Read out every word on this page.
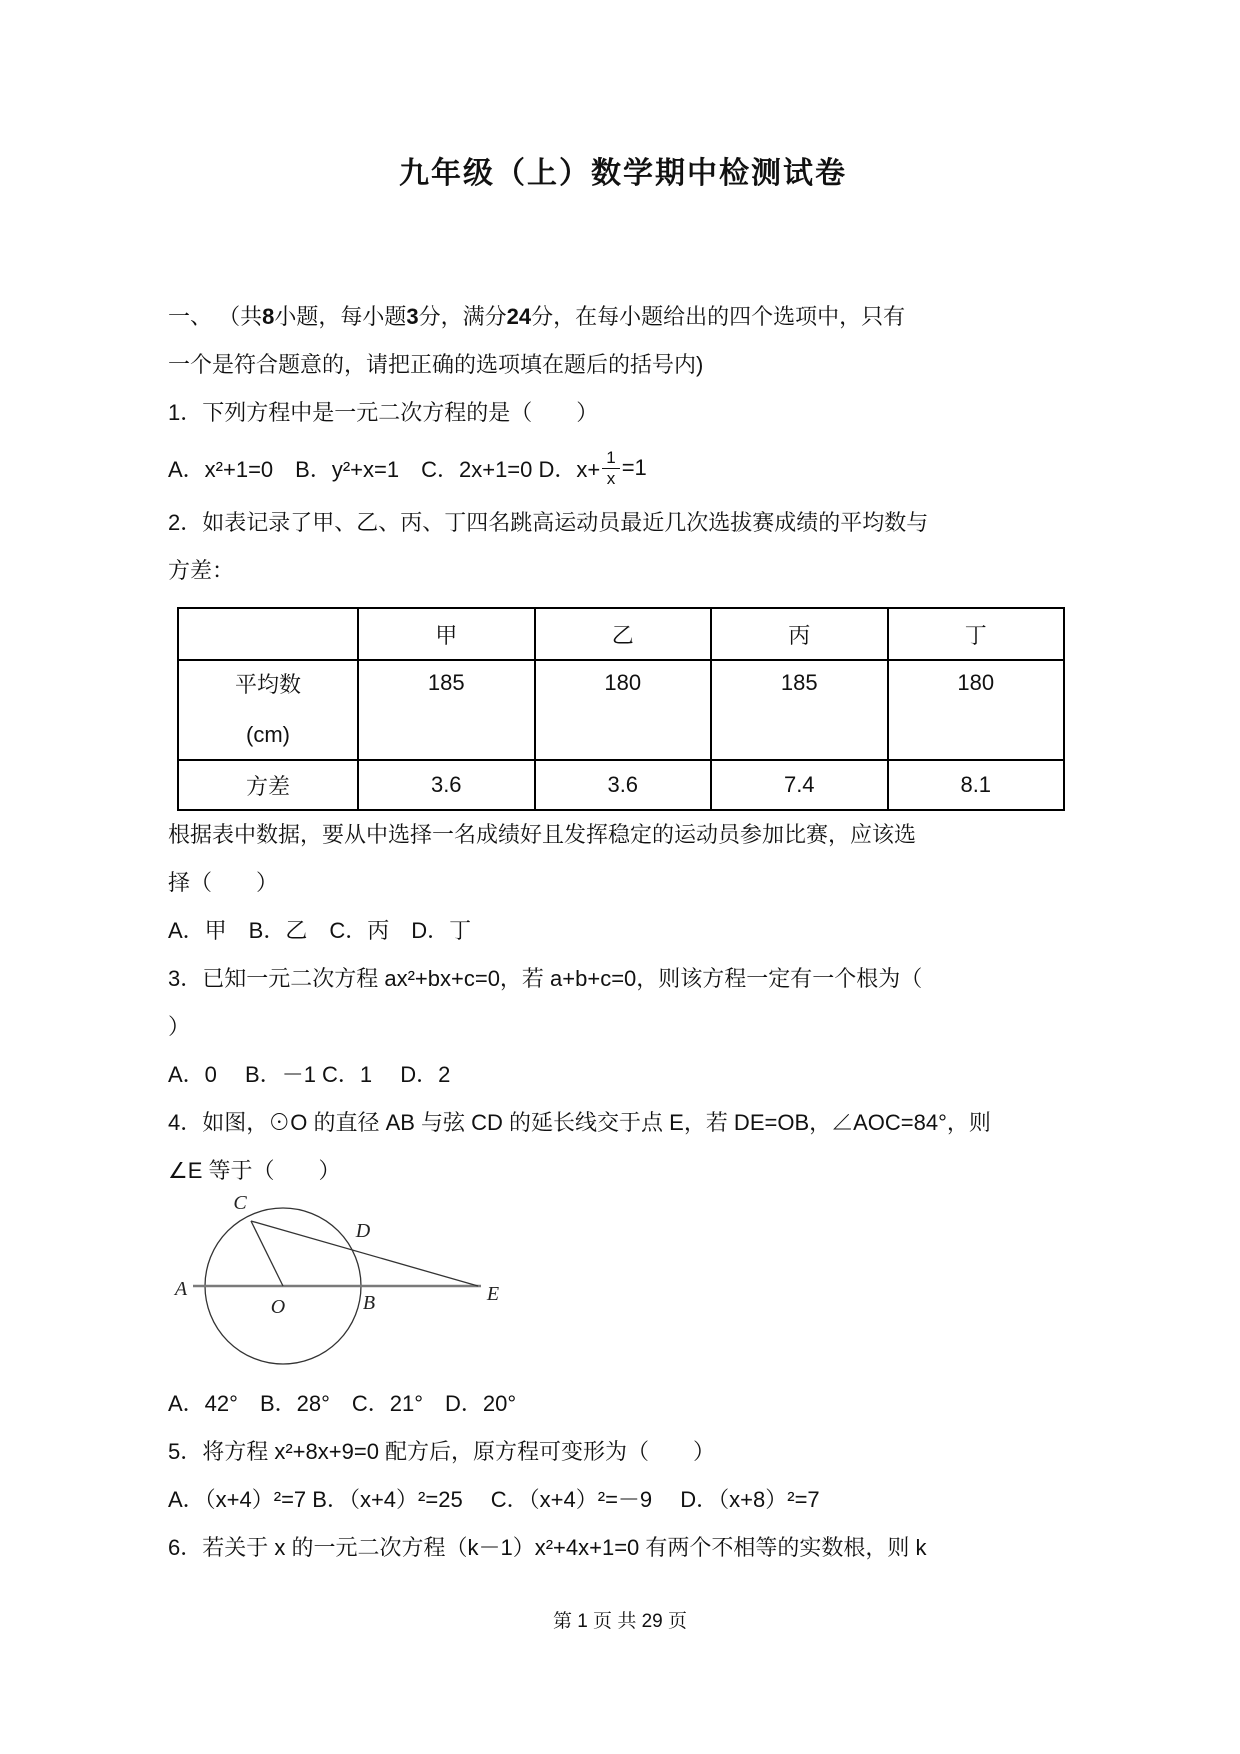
九年级（上）数学期中检测试卷
一、 （共8小题，每小题3分，满分24分，在每小题给出的四个选项中，只有
一个是符合题意的，请把正确的选项填在题后的括号内)
1．下列方程中是一元二次方程的是（　　）
A．x²+1=0　B．y²+x=1　C．2x+1=0 D．$x+ \frac{1}{x} =1$
2．如表记录了甲、乙、丙、丁四名跳高运动员最近几次选拔赛成绩的平均数与
方差：
	甲	乙	丙	丁

平均数
(cm)	185	180	185	180

方差	3.6	3.6	7.4	8.1
根据表中数据，要从中选择一名成绩好且发挥稳定的运动员参加比赛，应该选
择（　　）
A．甲　B．乙　C．丙　D．丁
3．已知一元二次方程 ax²+bx+c=0，若 a+b+c=0，则该方程一定有一个根为（
）
A．0　 B．－1 C．1　 D．2
4．如图，⊙O 的直径 AB 与弦 CD 的延长线交于点 E，若 DE=OB，∠AOC=84°，则
∠E 等于（　　）
A
O	B	E
C
D
A．42°　B．28°　C．21°　D．20°
5．将方程 x²+8x+9=0 配方后，原方程可变形为（　　）
A．（x+4）²=7 B．（x+4）²=25　 C．（x+4）²=－9　 D．（x+8）²=7
6．若关于 x 的一元二次方程（k－1）x²+4x+1=0 有两个不相等的实数根，则 k
第 1 页 共 29 页
